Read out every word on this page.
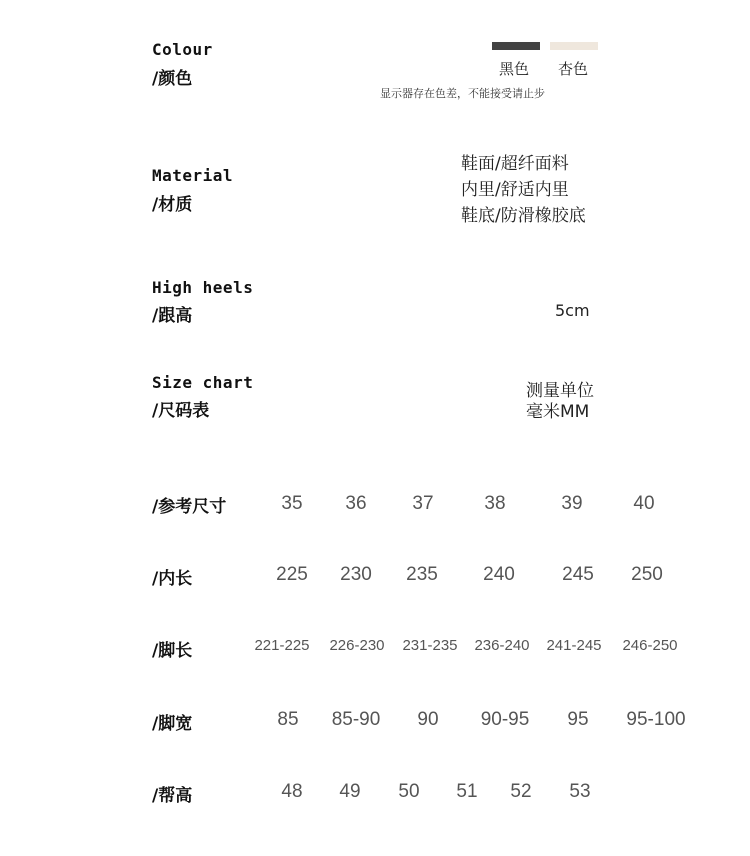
Colour
/颜色	黑色 杏色
显示器存在色差，不能接受请止步
Material
/材质
鞋面/超纤面料
内里/舒适内里
鞋底/防滑橡胶底
High heels
/跟高	5cm
Size chart
/尺码表
测量单位
毫米MM
/参考尺寸	35 36 37	38	39	40
/内长	225 230 235 240 245 250
/脚长	221-225 226-230 231-235 236-240 241-245 246-250
/脚宽	85 85-90 90 90-95 95 95-100
/帮高	48 49 50 51 52 53
